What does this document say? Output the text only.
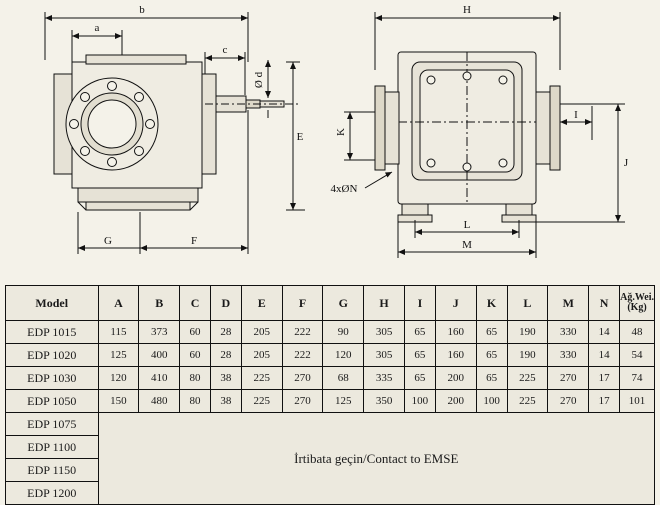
b
a
c
Ø d
E
F
G
H
K
I
J
L
M
4xØN
Model	A	B	C	D	E	F	G	H	I	J	K	L	M	N	Ağ.Wei.
(Kg)

EDP 1015	115	373	60	28	205	222	90	305	65	160	65	190	330	14	48
EDP 1020	125	400	60	28	205	222	120	305	65	160	65	190	330	14	54
EDP 1030	120	410	80	38	225	270	68	335	65	200	65	225	270	17	74
EDP 1050	150	480	80	38	225	270	125	350	100	200	100	225	270	17	101
EDP 1075	İrtibata geçin/Contact to EMSE														
EDP 1100															
EDP 1150															
EDP 1200															
